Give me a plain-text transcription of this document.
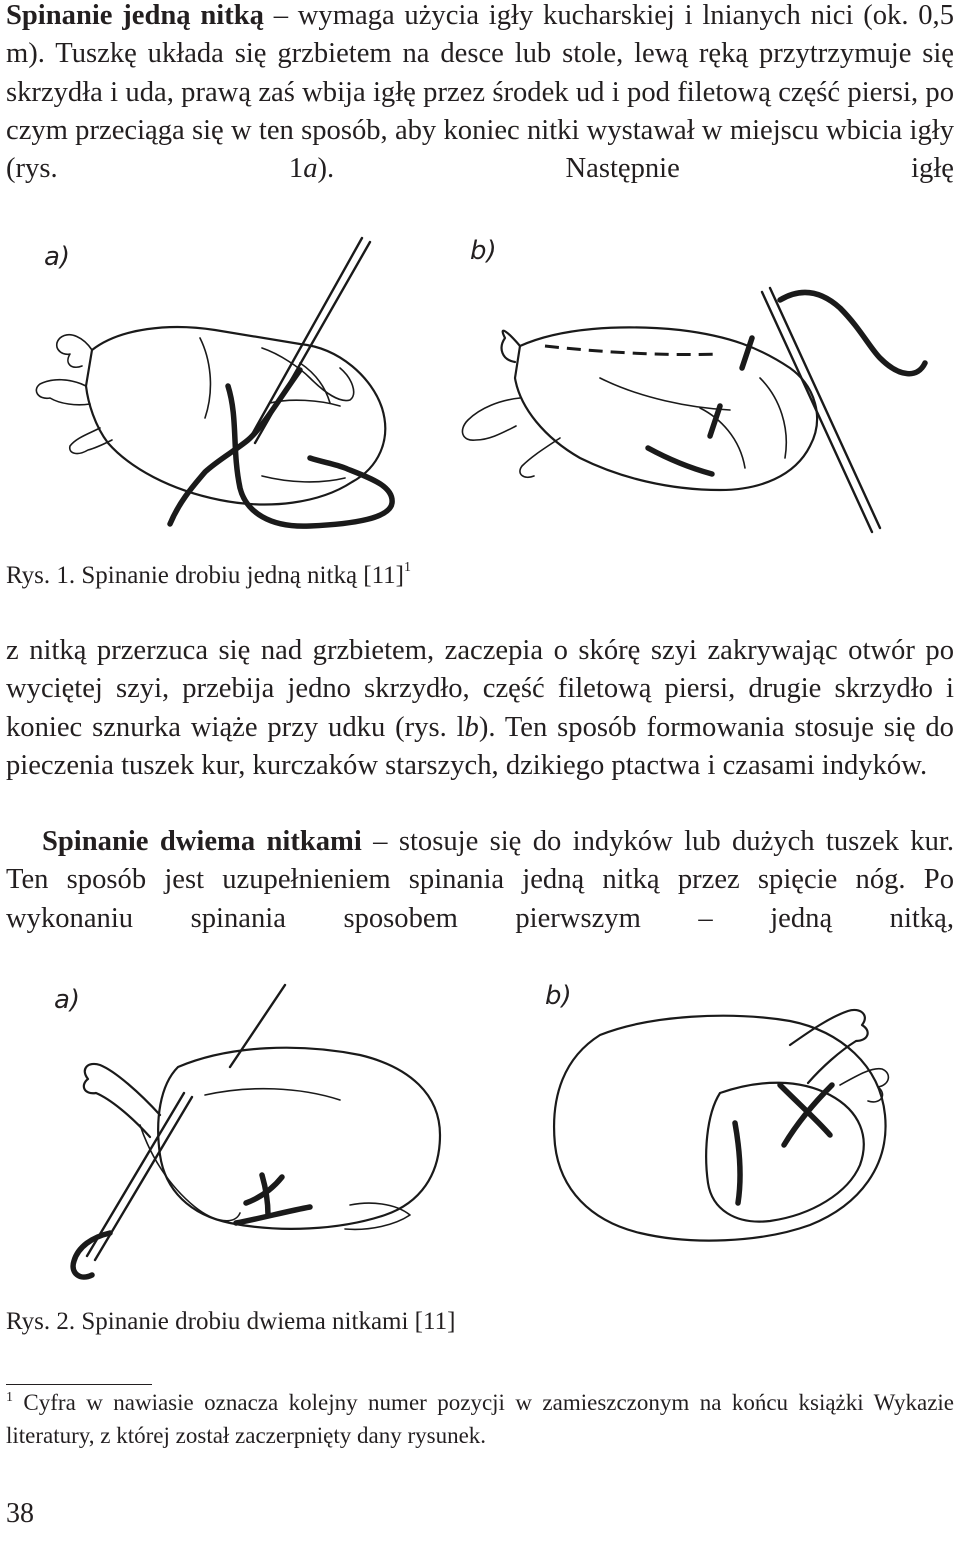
Spinanie jedną nitką – wymaga użycia igły kucharskiej i lnianych nici (ok. 0,5 m). Tuszkę układa się grzbietem na desce lub stole, lewą ręką przytrzymuje się skrzydła i uda, prawą zaś wbija igłę przez środek ud i pod filetową część piersi, po czym przeciąga się w ten sposób, aby koniec nitki wystawał w miejscu wbicia igły (rys. 1a). Następnie igłę

a)	b)

Rys. 1. Spinanie drobiu jedną nitką $[11]^1$

z nitką przerzuca się nad grzbietem, zaczepia o skórę szyi zakrywając otwór po wyciętej szyi, przebija jedno skrzydło, część filetową piersi, drugie skrzydło i koniec sznurka wiąże przy udku (rys. lb). Ten sposób formowania stosuje się do pieczenia tuszek kur, kurczaków starszych, dzikiego ptactwa i czasami indyków.

Spinanie dwiema nitkami – stosuje się do indyków lub dużych tuszek kur. Ten sposób jest uzupełnieniem spinania jedną nitką przez spięcie nóg. Po wykonaniu spinania sposobem pierwszym – jedną nitką,

a)	b)

Rys. 2. Spinanie drobiu dwiema nitkami [11]

$^1$ Cyfra w nawiasie oznacza kolejny numer pozycji w zamieszczonym na końcu książki Wykazie literatury, z której został zaczerpnięty dany rysunek.

38
